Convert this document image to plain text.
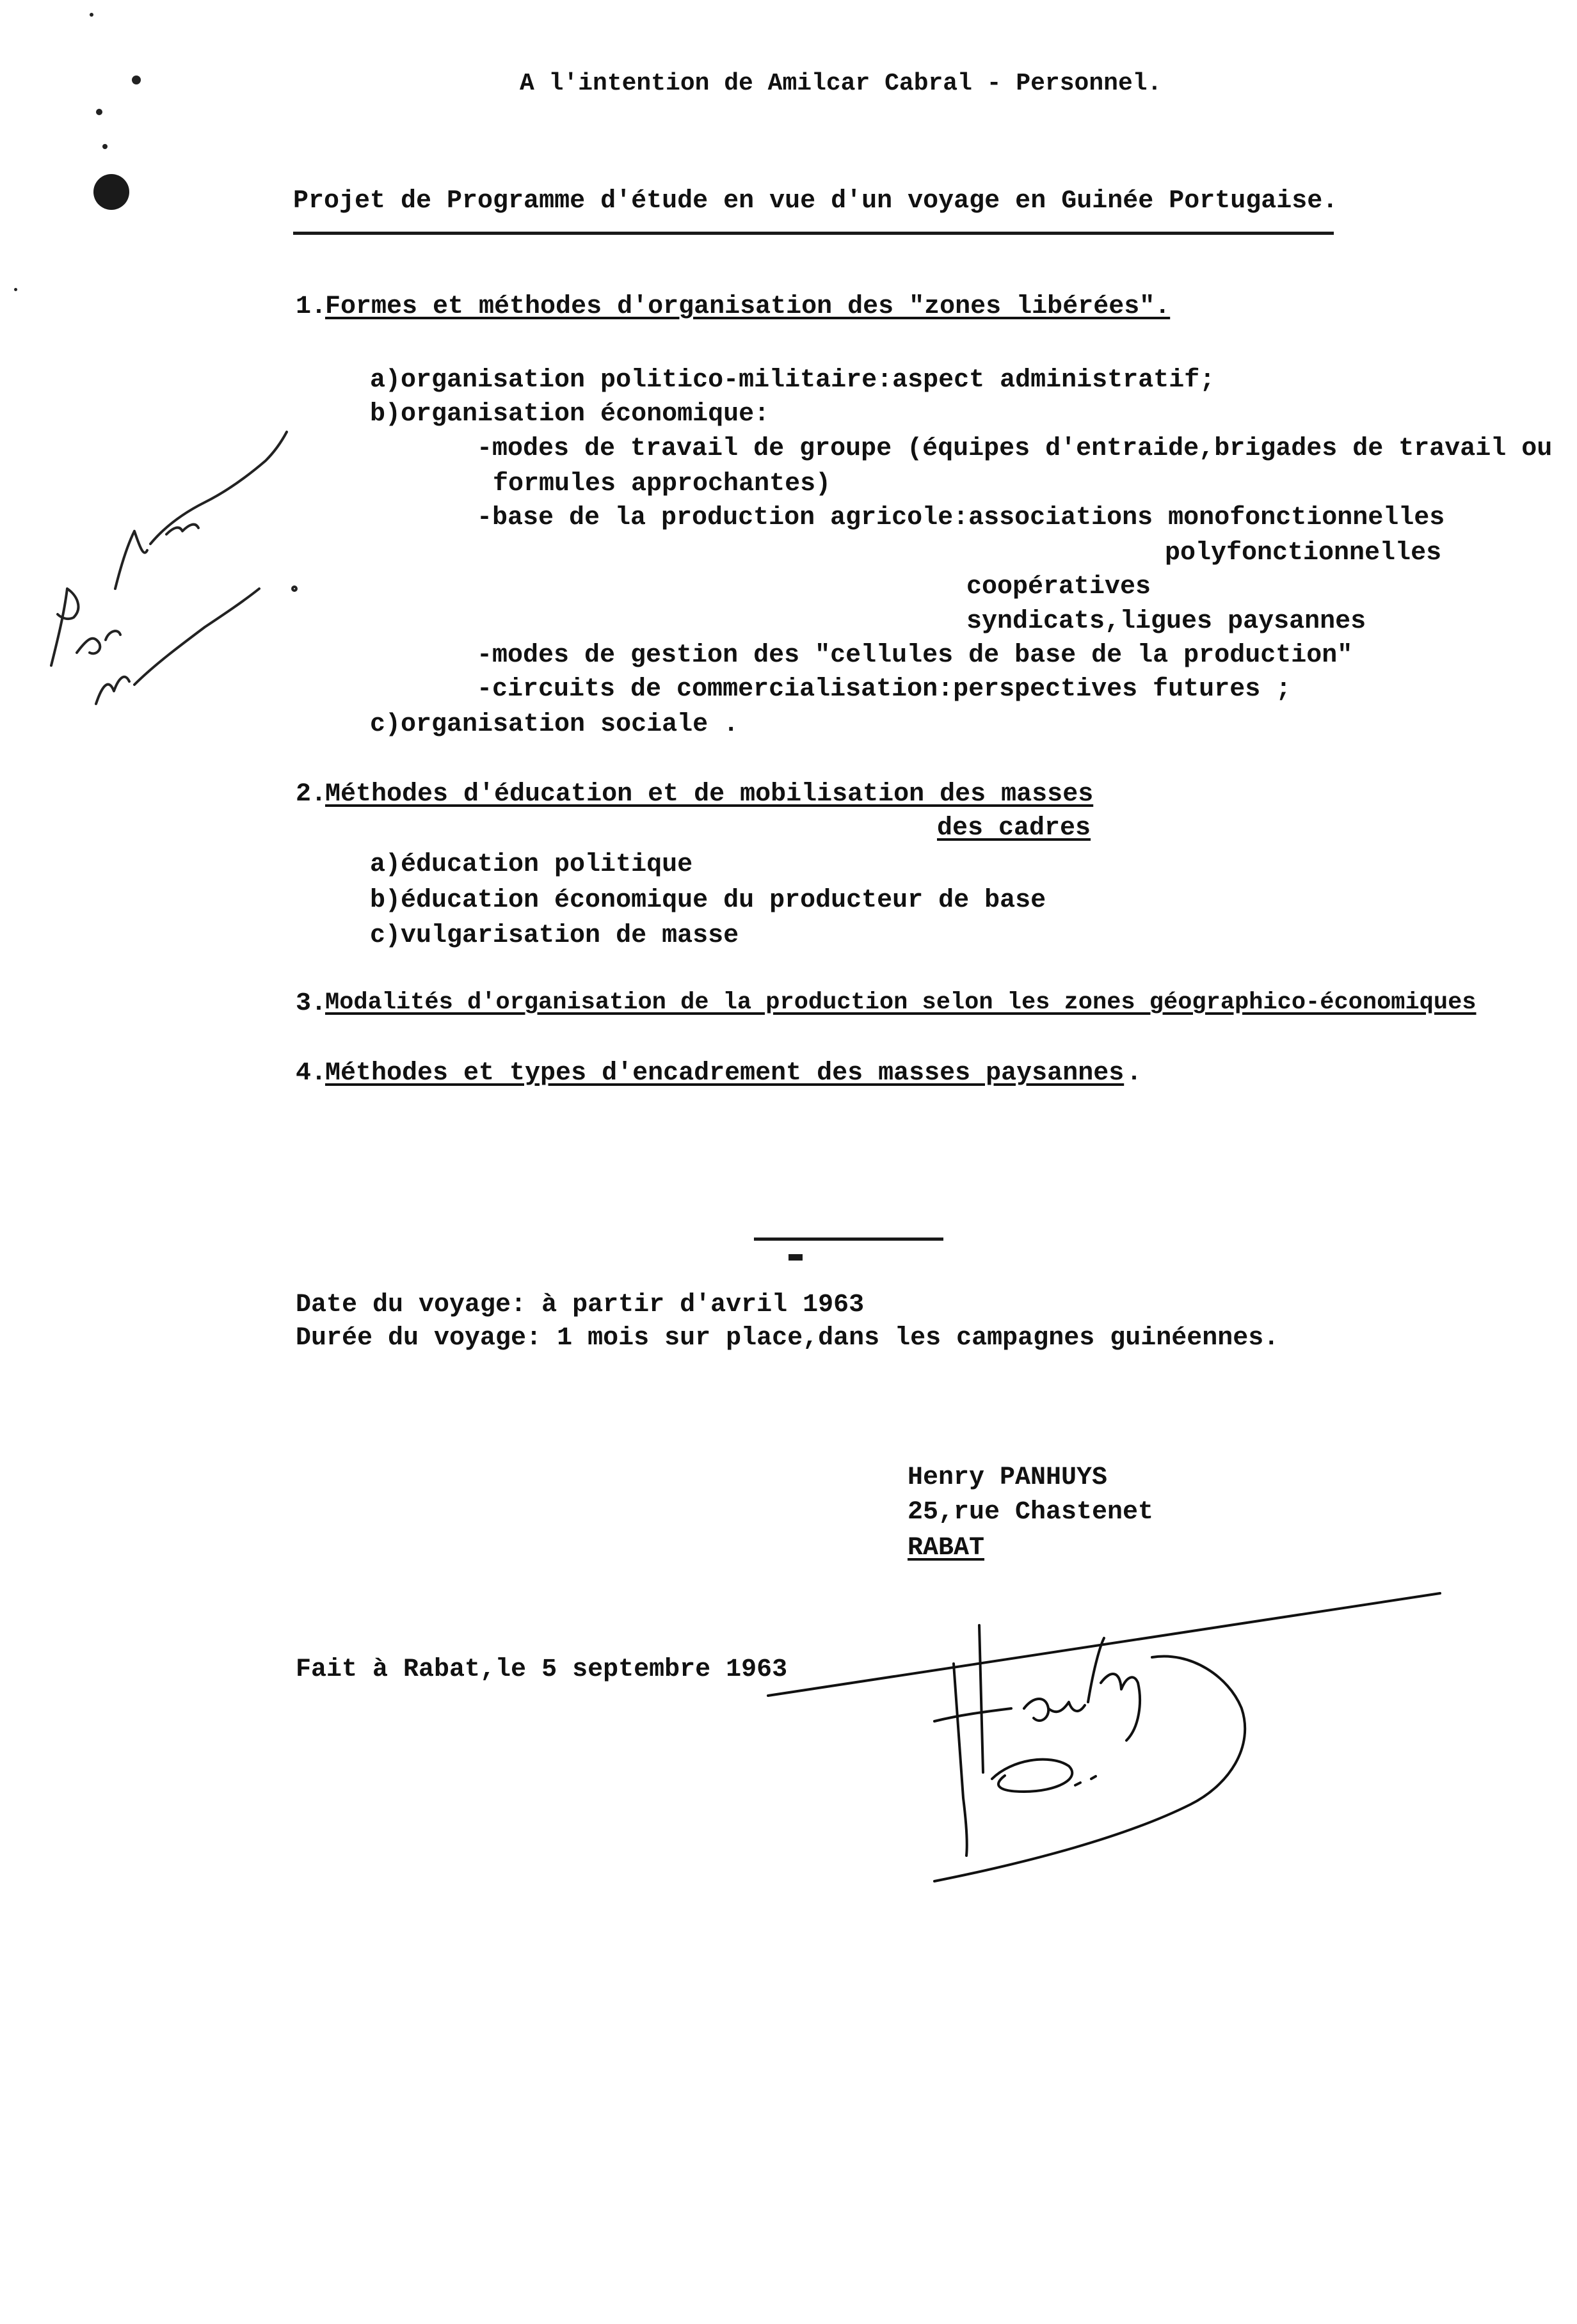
A l'intention de Amilcar Cabral - Personnel.
Projet de Programme d'étude en vue d'un voyage en Guinée Portugaise.
1.
Formes et méthodes d'organisation des "zones libérées".
a)organisation politico-militaire:aspect administratif;
b)organisation économique:
-modes de travail de groupe (équipes d'entraide,brigades de travail ou
formules approchantes)
-base de la production agricole:associations monofonctionnelles
polyfonctionnelles
coopératives
syndicats,ligues paysannes
-modes de gestion des "cellules de base de la production"
-circuits de commercialisation:perspectives futures ;
c)organisation sociale .
2.
Méthodes d'éducation et de mobilisation des masses
des cadres
a)éducation politique
b)éducation économique du producteur de base
c)vulgarisation de masse
3.
Modalités d'organisation de la production selon les zones géographico-économiques
4.
Méthodes et types d'encadrement des masses paysannes .
Date du voyage: à partir d'avril 1963
Durée du voyage: 1 mois sur place,dans les campagnes guinéennes.
Henry PANHUYS
25,rue Chastenet
RABAT
Fait à Rabat,le 5 septembre 1963
